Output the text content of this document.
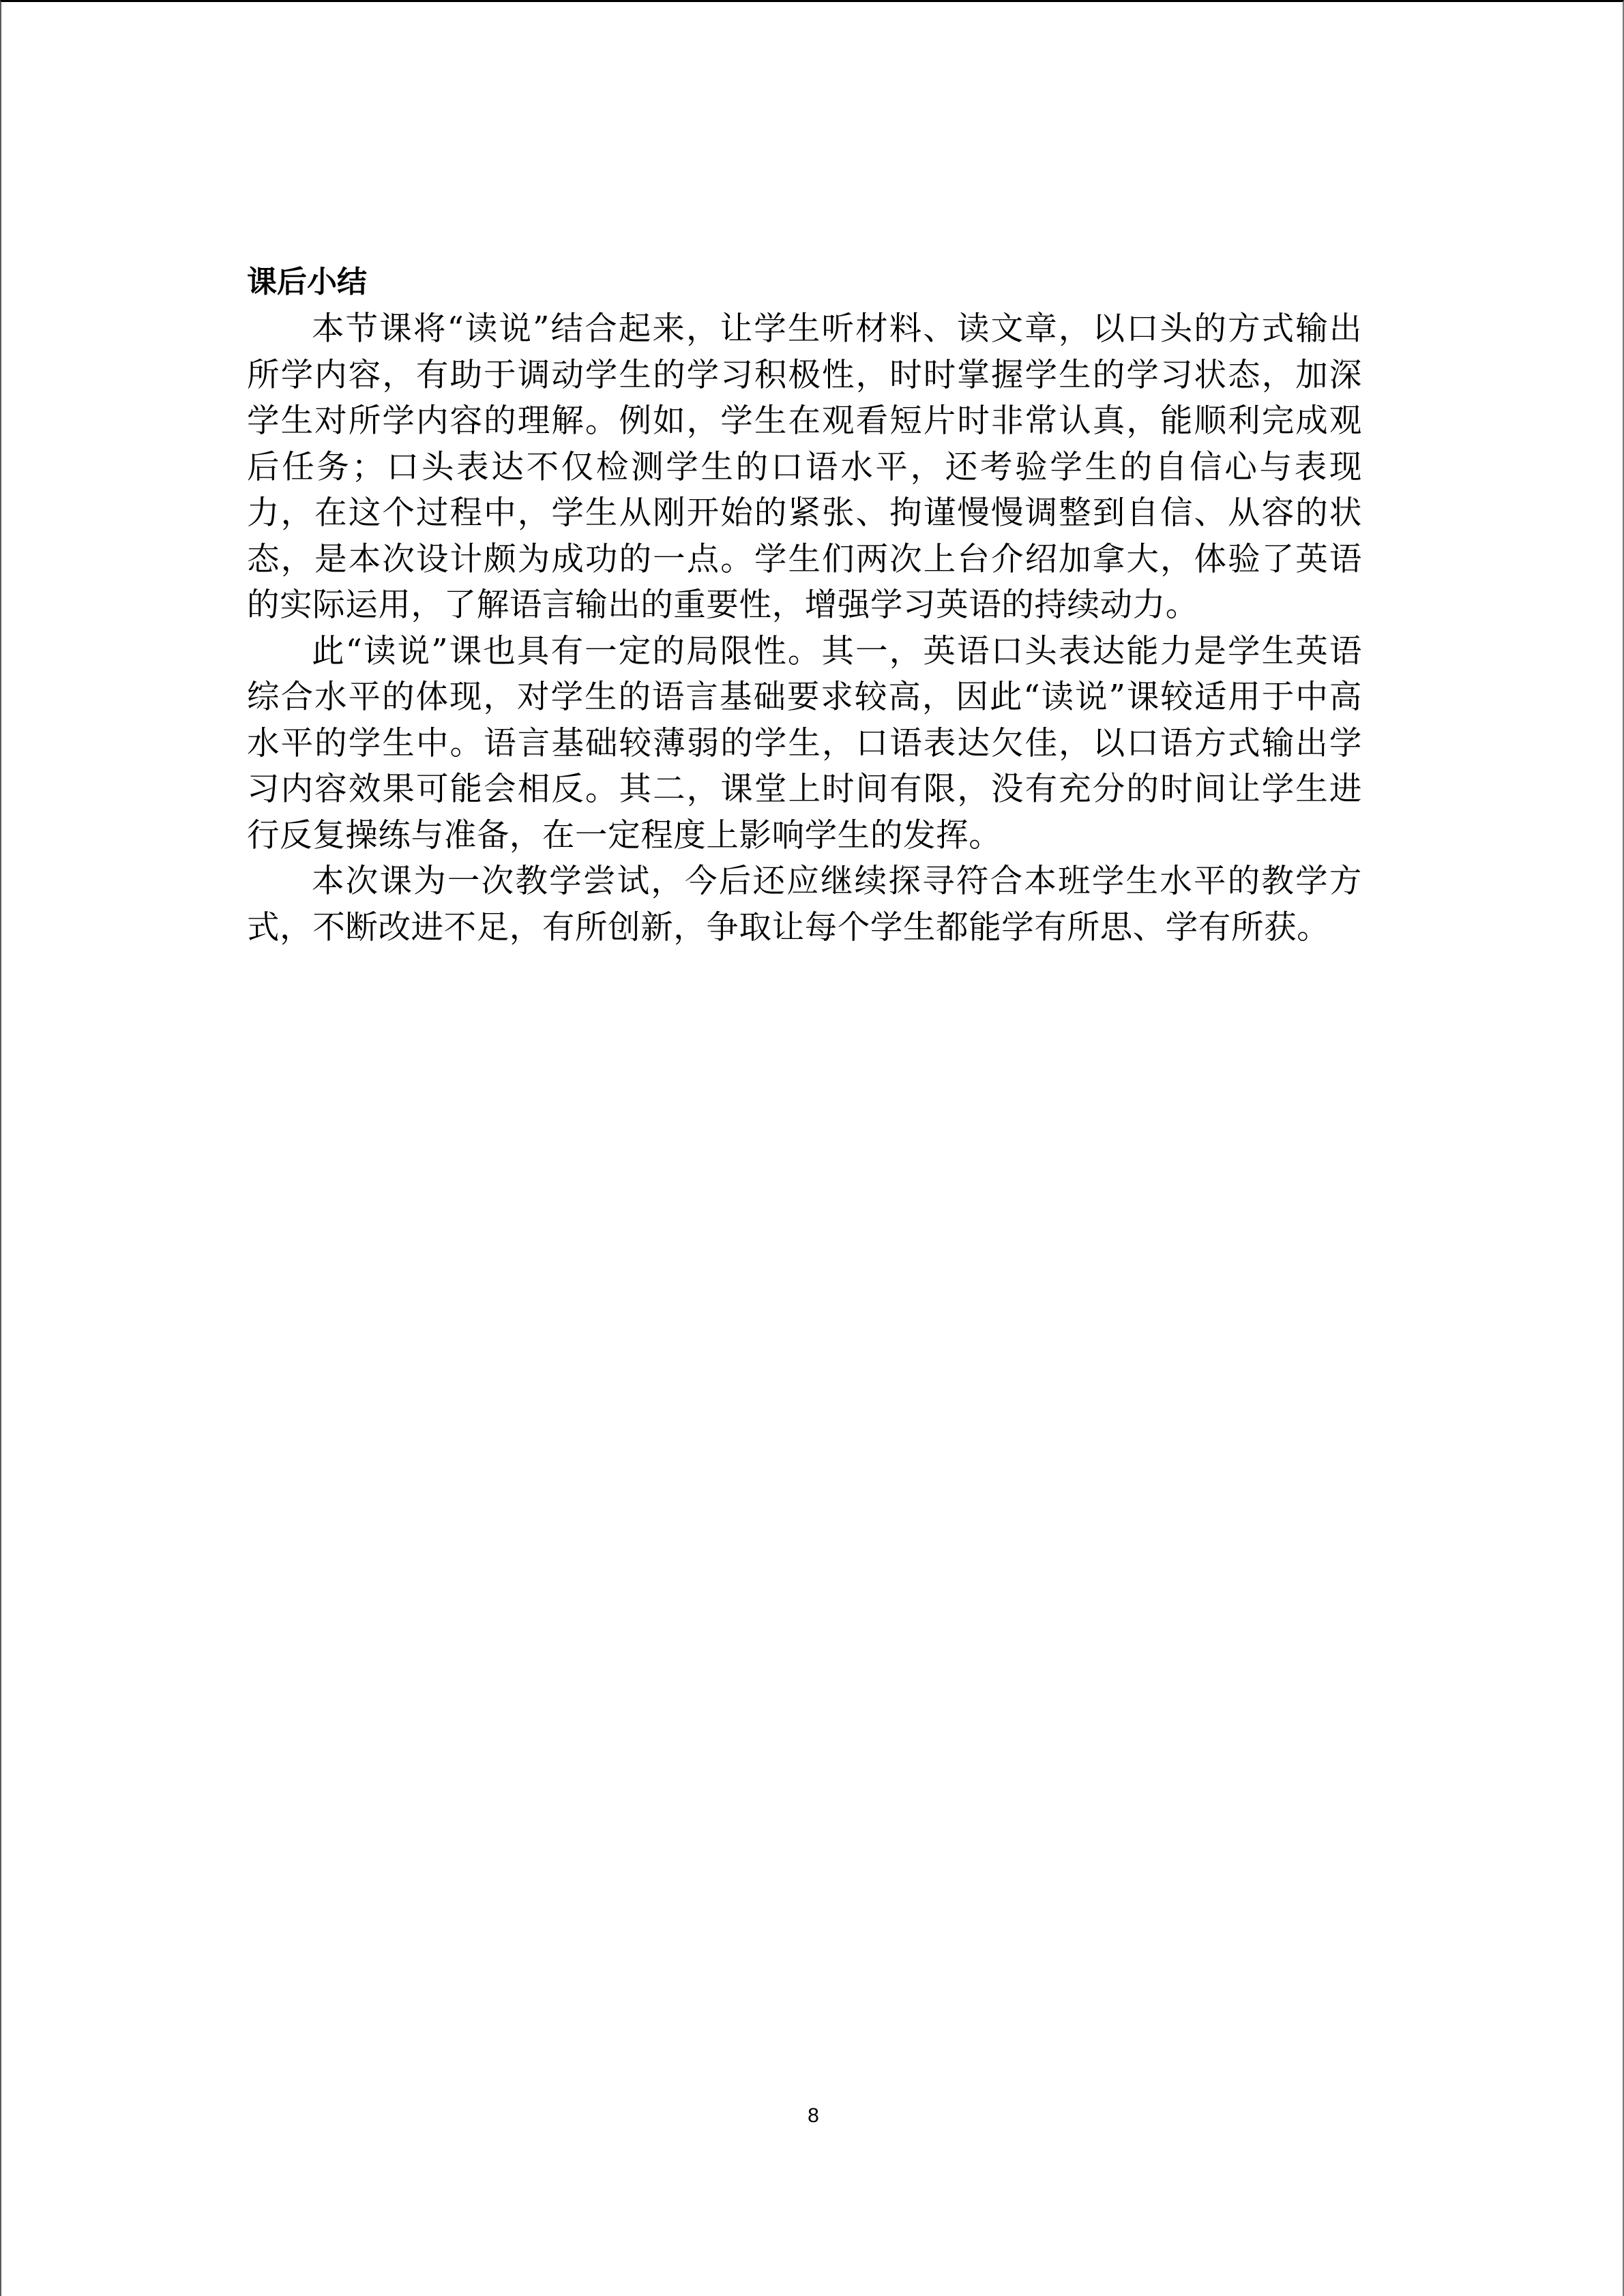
课后小结

本节课将“读说”结合起来，让学生听材料、读文章，以口头的方式输出所学内容，有助于调动学生的学习积极性，时时掌握学生的学习状态，加深学生对所学内容的理解。例如，学生在观看短片时非常认真，能顺利完成观后任务；口头表达不仅检测学生的口语水平，还考验学生的自信心与表现力，在这个过程中，学生从刚开始的紧张、拘谨慢慢调整到自信、从容的状态，是本次设计颇为成功的一点。学生们两次上台介绍加拿大，体验了英语的实际运用，了解语言输出的重要性，增强学习英语的持续动力。

此“读说”课也具有一定的局限性。其一，英语口头表达能力是学生英语综合水平的体现，对学生的语言基础要求较高，因此“读说”课较适用于中高水平的学生中。语言基础较薄弱的学生，口语表达欠佳，以口语方式输出学习内容效果可能会相反。其二，课堂上时间有限，没有充分的时间让学生进行反复操练与准备，在一定程度上影响学生的发挥。

本次课为一次教学尝试，今后还应继续探寻符合本班学生水平的教学方式，不断改进不足，有所创新，争取让每个学生都能学有所思、学有所获。

8
